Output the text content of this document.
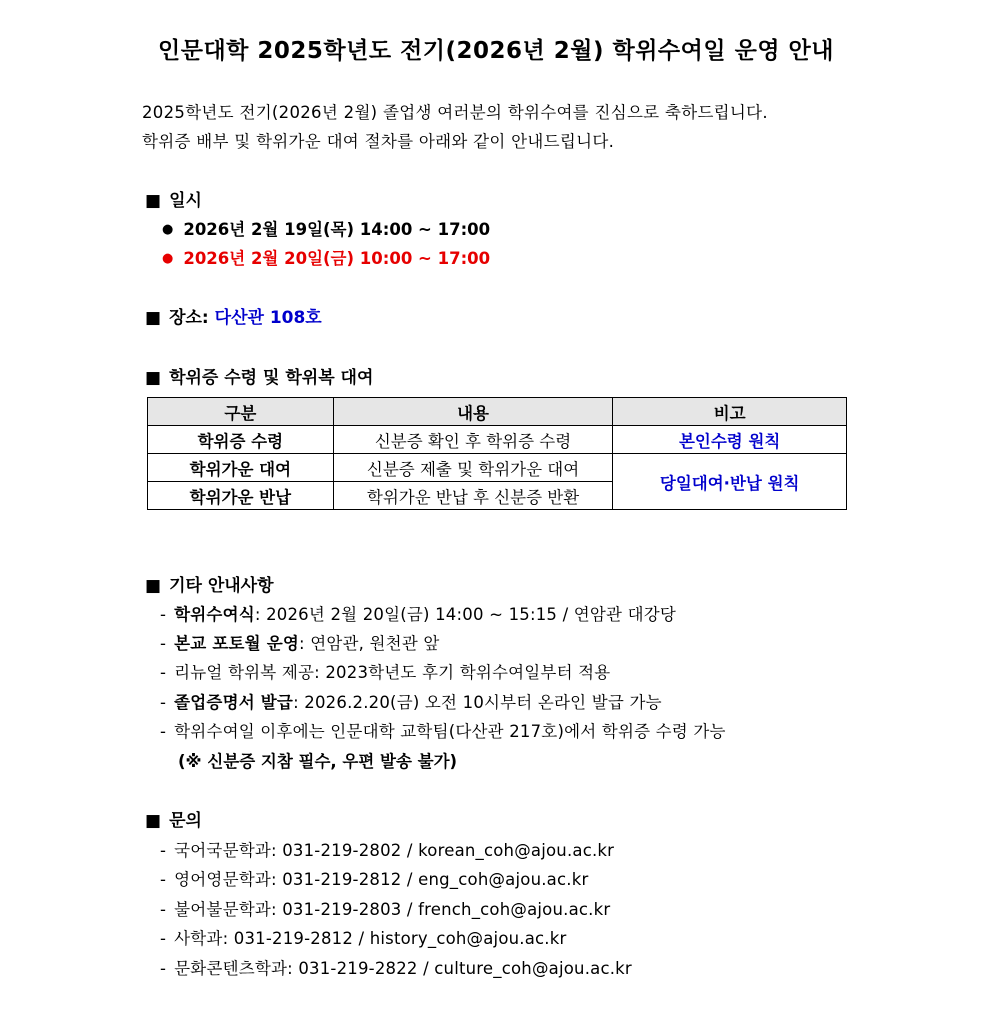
인문대학 2025학년도 전기(2026년 2월) 학위수여일 운영 안내
2025학년도 전기(2026년 2월) 졸업생 여러분의 학위수여를 진심으로 축하드립니다.
학위증 배부 및 학위가운 대여 절차를 아래와 같이 안내드립니다.
■ 일시
● 2026년 2월 19일(목) 14:00 ~ 17:00
● 2026년 2월 20일(금) 10:00 ~ 17:00
■ 장소: 다산관 108호
■ 학위증 수령 및 학위복 대여
구분	내용	비고
학위증 수령	신분증 확인 후 학위증 수령	본인수령 원칙
학위가운 대여	신분증 제출 및 학위가운 대여	당일대여·반납 원칙
학위가운 반납	학위가운 반납 후 신분증 반환	
■ 기타 안내사항
- 학위수여식: 2026년 2월 20일(금) 14:00 ~ 15:15 / 연암관 대강당
- 본교 포토월 운영: 연암관, 원천관 앞
- 리뉴얼 학위복 제공: 2023학년도 후기 학위수여일부터 적용
- 졸업증명서 발급: 2026.2.20(금) 오전 10시부터 온라인 발급 가능
- 학위수여일 이후에는 인문대학 교학팀(다산관 217호)에서 학위증 수령 가능
(※ 신분증 지참 필수, 우편 발송 불가)
■ 문의
- 국어국문학과: 031-219-2802 / korean_coh@ajou.ac.kr
- 영어영문학과: 031-219-2812 / eng_coh@ajou.ac.kr
- 불어불문학과: 031-219-2803 / french_coh@ajou.ac.kr
- 사학과: 031-219-2812 / history_coh@ajou.ac.kr
- 문화콘텐츠학과: 031-219-2822 / culture_coh@ajou.ac.kr
